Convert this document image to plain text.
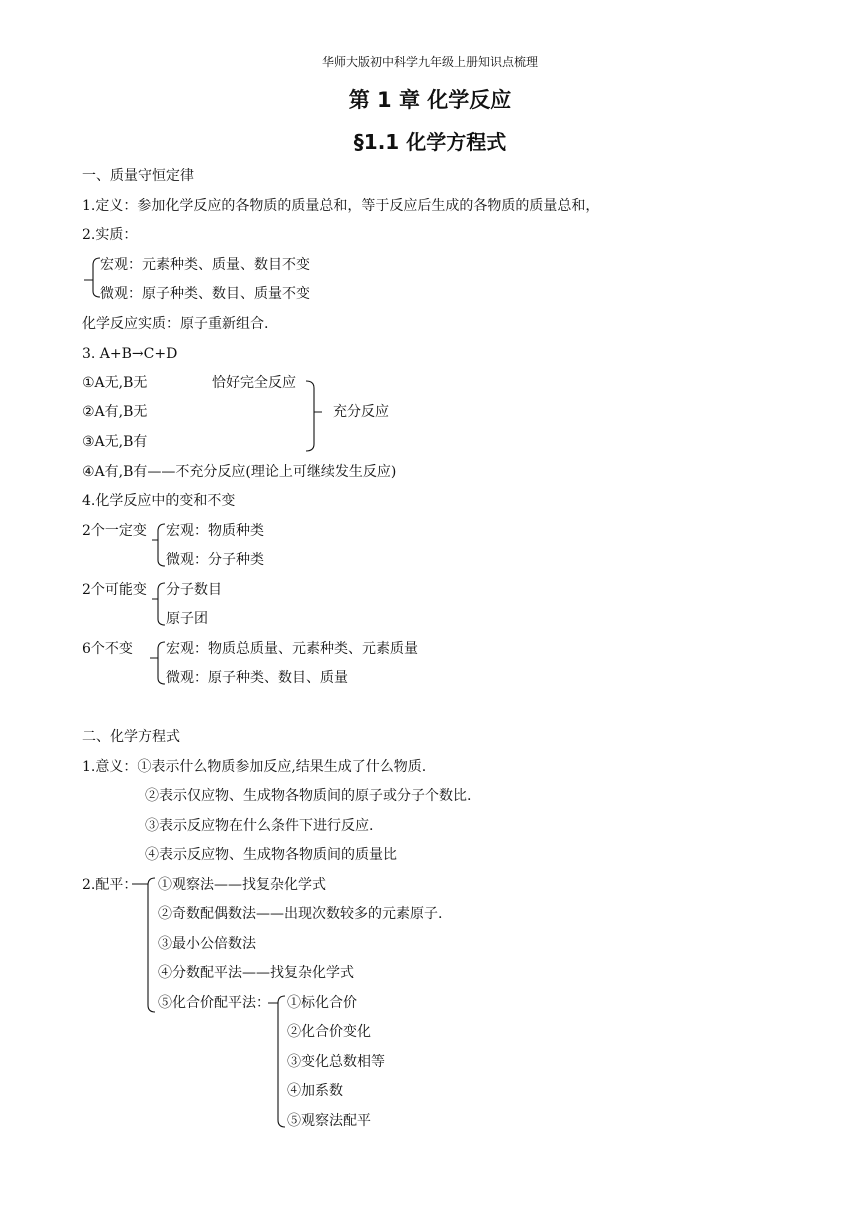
华师大版初中科学九年级上册知识点梳理
第 1 章 化学反应
§1.1 化学方程式
一、质量守恒定律
1.定义：参加化学反应的各物质的质量总和，等于反应后生成的各物质的质量总和，
2.实质：
宏观：元素种类、质量、数目不变
微观：原子种类、数目、质量不变
化学反应实质：原子重新组合.
3. A+B→C+D
①A无,B无	恰好完全反应
②A有,B无	充分反应
③A无,B有
④A有,B有——不充分反应(理论上可继续发生反应)
4.化学反应中的变和不变
2个一定变 宏观：物质种类
微观：分子种类
2个可能变 分子数目
原子团
6个不变 宏观：物质总质量、元素种类、元素质量
微观：原子种类、数目、质量
二、化学方程式
1.意义：①表示什么物质参加反应,结果生成了什么物质.
②表示仅应物、生成物各物质间的原子或分子个数比.
③表示反应物在什么条件下进行反应.
④表示反应物、生成物各物质间的质量比
2.配平： ①观察法——找复杂化学式
②奇数配偶数法——出现次数较多的元素原子.
③最小公倍数法
④分数配平法——找复杂化学式
⑤化合价配平法： ①标化合价
②化合价变化
③变化总数相等
④加系数
⑤观察法配平
